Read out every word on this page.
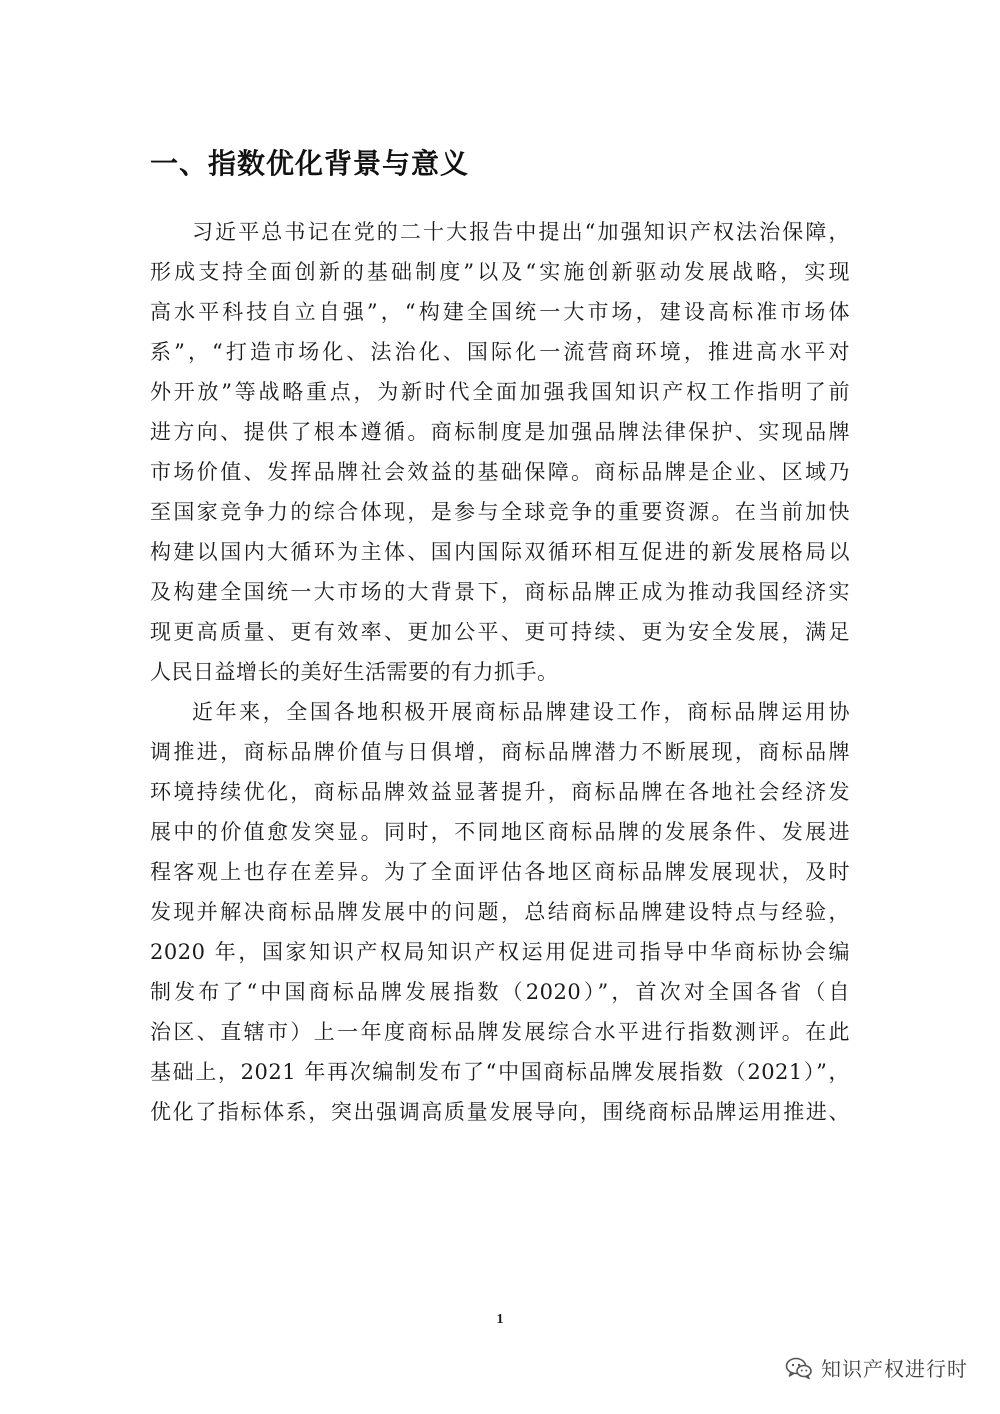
一、指数优化背景与意义
习近平总书记在党的二十大报告中提出“加强知识产权法治保障，
形成支持全面创新的基础制度”以及“实施创新驱动发展战略，实现
高水平科技自立自强”，“构建全国统一大市场，建设高标准市场体
系”，“打造市场化、法治化、国际化一流营商环境，推进高水平对
外开放”等战略重点，为新时代全面加强我国知识产权工作指明了前
进方向、提供了根本遵循。商标制度是加强品牌法律保护、实现品牌
市场价值、发挥品牌社会效益的基础保障。商标品牌是企业、区域乃
至国家竞争力的综合体现，是参与全球竞争的重要资源。在当前加快
构建以国内大循环为主体、国内国际双循环相互促进的新发展格局以
及构建全国统一大市场的大背景下，商标品牌正成为推动我国经济实
现更高质量、更有效率、更加公平、更可持续、更为安全发展，满足
人民日益增长的美好生活需要的有力抓手。
近年来，全国各地积极开展商标品牌建设工作，商标品牌运用协
调推进，商标品牌价值与日俱增，商标品牌潜力不断展现，商标品牌
环境持续优化，商标品牌效益显著提升，商标品牌在各地社会经济发
展中的价值愈发突显。同时，不同地区商标品牌的发展条件、发展进
程客观上也存在差异。为了全面评估各地区商标品牌发展现状，及时
发现并解决商标品牌发展中的问题，总结商标品牌建设特点与经验，
2020 年，国家知识产权局知识产权运用促进司指导中华商标协会编
制发布了“中国商标品牌发展指数（2020）”，首次对全国各省（自
治区、直辖市）上一年度商标品牌发展综合水平进行指数测评。在此
基础上，2021 年再次编制发布了“中国商标品牌发展指数（2021）”，
优化了指标体系，突出强调高质量发展导向，围绕商标品牌运用推进、
1
知识产权进行时
